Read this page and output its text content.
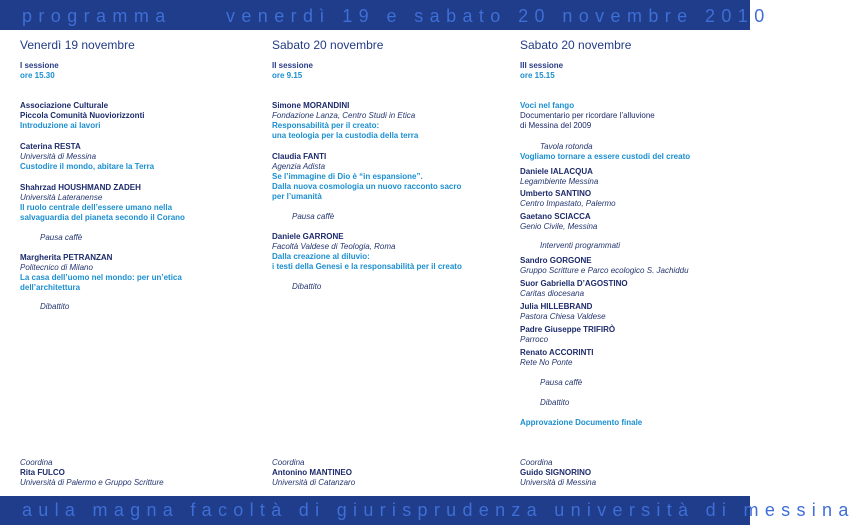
programma	venerdì 19 e sabato 20 novembre 2010
Venerdì 19 novembre
I sessione
ore 15.30
Associazione Culturale
Piccola Comunità Nuoviorizzonti
Introduzione ai lavori
Caterina RESTA
Università di Messina
Custodire il mondo, abitare la Terra
Shahrzad HOUSHMAND ZADEH
Università Lateranense
Il ruolo centrale dell’essere umano nella
salvaguardia del pianeta secondo il Corano
Pausa caffè
Margherita PETRANZAN
Politecnico di Milano
La casa dell’uomo nel mondo: per un’etica
dell’architettura
Dibattito
Coordina
Rita FULCO
Università di Palermo e Gruppo Scritture
Sabato 20 novembre
II sessione
ore 9.15
Simone MORANDINI
Fondazione Lanza, Centro Studi in Etica
Responsabilità per il creato:
una teologia per la custodia della terra
Claudia FANTI
Agenzia Adista
Se l’immagine di Dio è “in espansione”.
Dalla nuova cosmologia un nuovo racconto sacro
per l’umanità
Pausa caffè
Daniele GARRONE
Facoltà Valdese di Teologia, Roma
Dalla creazione al diluvio:
i testi della Genesi e la responsabilità per il creato
Dibattito
Coordina
Antonino MANTINEO
Università di Catanzaro
Sabato 20 novembre
III sessione
ore 15.15
Voci nel fango
Documentario per ricordare l’alluvione
di Messina del 2009
Tavola rotonda
Vogliamo tornare a essere custodi del creato
Daniele IALACQUA
Legambiente Messina
Umberto SANTINO
Centro Impastato, Palermo
Gaetano SCIACCA
Genio Civile, Messina
Interventi programmati
Sandro GORGONE
Gruppo Scritture e Parco ecologico S. Jachiddu
Suor Gabriella D’AGOSTINO
Caritas diocesana
Julia HILLEBRAND
Pastora Chiesa Valdese
Padre Giuseppe TRIFIRÒ
Parroco
Renato ACCORINTI
Rete No Ponte
Pausa caffè
Dibattito
Approvazione Documento finale
Coordina
Guido SIGNORINO
Università di Messina
aula magna facoltà di giurisprudenza università di messina
